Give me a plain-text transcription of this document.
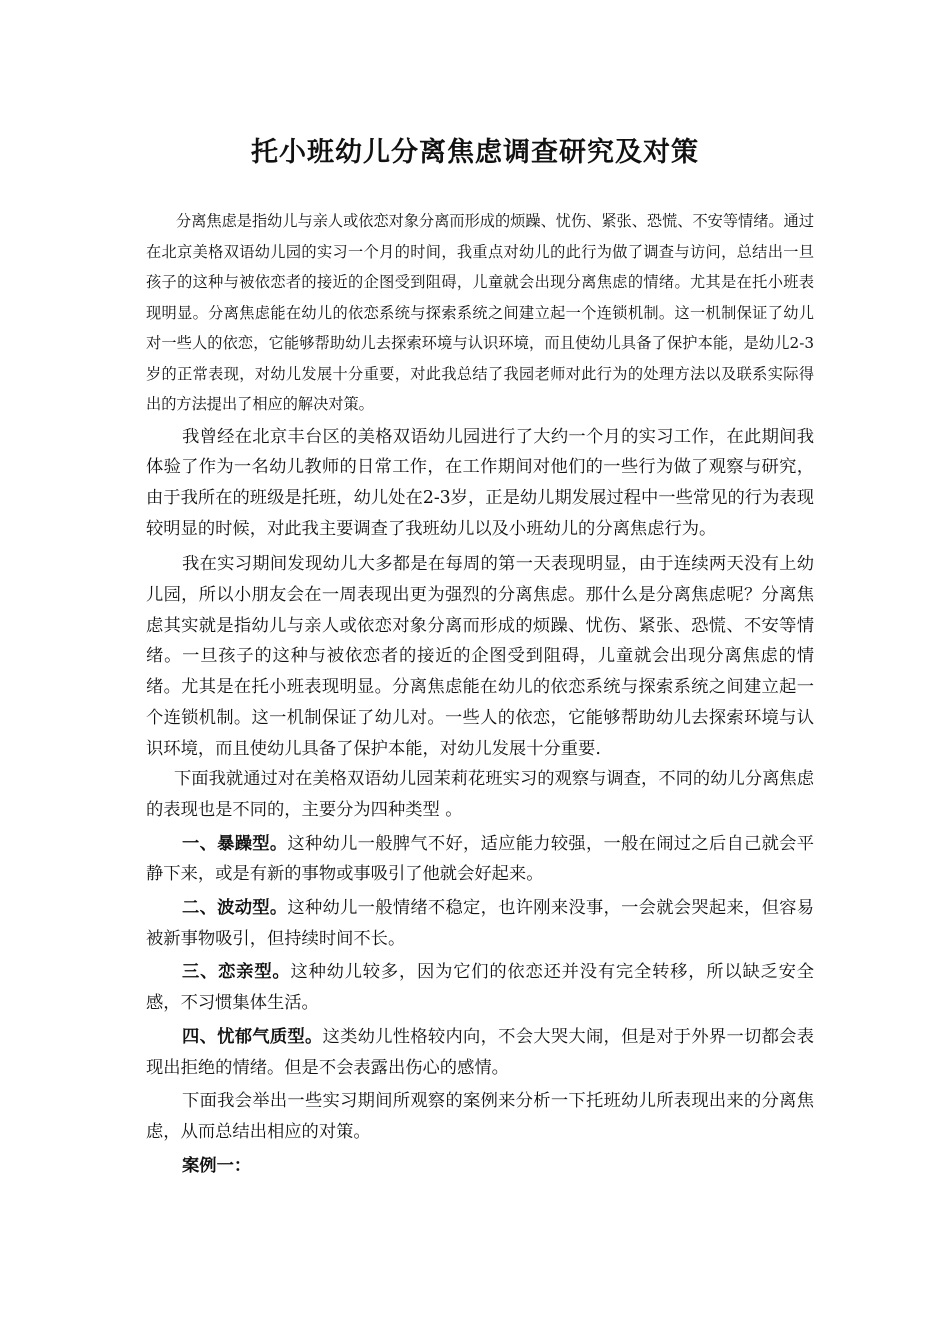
托小班幼儿分离焦虑调查研究及对策

分离焦虑是指幼儿与亲人或依恋对象分离而形成的烦躁、忧伤、紧张、恐慌、不安等情绪。通过在北京美格双语幼儿园的实习一个月的时间，我重点对幼儿的此行为做了调查与访问，总结出一旦孩子的这种与被依恋者的接近的企图受到阻碍，儿童就会出现分离焦虑的情绪。尤其是在托小班表现明显。分离焦虑能在幼儿的依恋系统与探索系统之间建立起一个连锁机制。这一机制保证了幼儿对一些人的依恋，它能够帮助幼儿去探索环境与认识环境，而且使幼儿具备了保护本能，是幼儿2-3岁的正常表现，对幼儿发展十分重要，对此我总结了我园老师对此行为的处理方法以及联系实际得出的方法提出了相应的解决对策。

我曾经在北京丰台区的美格双语幼儿园进行了大约一个月的实习工作，在此期间我体验了作为一名幼儿教师的日常工作，在工作期间对他们的一些行为做了观察与研究，由于我所在的班级是托班，幼儿处在2-3岁，正是幼儿期发展过程中一些常见的行为表现较明显的时候，对此我主要调查了我班幼儿以及小班幼儿的分离焦虑行为。

我在实习期间发现幼儿大多都是在每周的第一天表现明显，由于连续两天没有上幼儿园，所以小朋友会在一周表现出更为强烈的分离焦虑。那什么是分离焦虑呢？分离焦虑其实就是指幼儿与亲人或依恋对象分离而形成的烦躁、忧伤、紧张、恐慌、不安等情绪。一旦孩子的这种与被依恋者的接近的企图受到阻碍，儿童就会出现分离焦虑的情绪。尤其是在托小班表现明显。分离焦虑能在幼儿的依恋系统与探索系统之间建立起一个连锁机制。这一机制保证了幼儿对。一些人的依恋，它能够帮助幼儿去探索环境与认识环境，而且使幼儿具备了保护本能，对幼儿发展十分重要.

下面我就通过对在美格双语幼儿园茉莉花班实习的观察与调查，不同的幼儿分离焦虑的表现也是不同的，主要分为四种类型 。

一、暴躁型。这种幼儿一般脾气不好，适应能力较强，一般在闹过之后自己就会平静下来，或是有新的事物或事吸引了他就会好起来。

二、波动型。这种幼儿一般情绪不稳定，也许刚来没事，一会就会哭起来，但容易被新事物吸引，但持续时间不长。

三、恋亲型。这种幼儿较多，因为它们的依恋还并没有完全转移，所以缺乏安全感，不习惯集体生活。

四、忧郁气质型。这类幼儿性格较内向，不会大哭大闹，但是对于外界一切都会表现出拒绝的情绪。但是不会表露出伤心的感情。

下面我会举出一些实习期间所观察的案例来分析一下托班幼儿所表现出来的分离焦虑，从而总结出相应的对策。

案例一：
